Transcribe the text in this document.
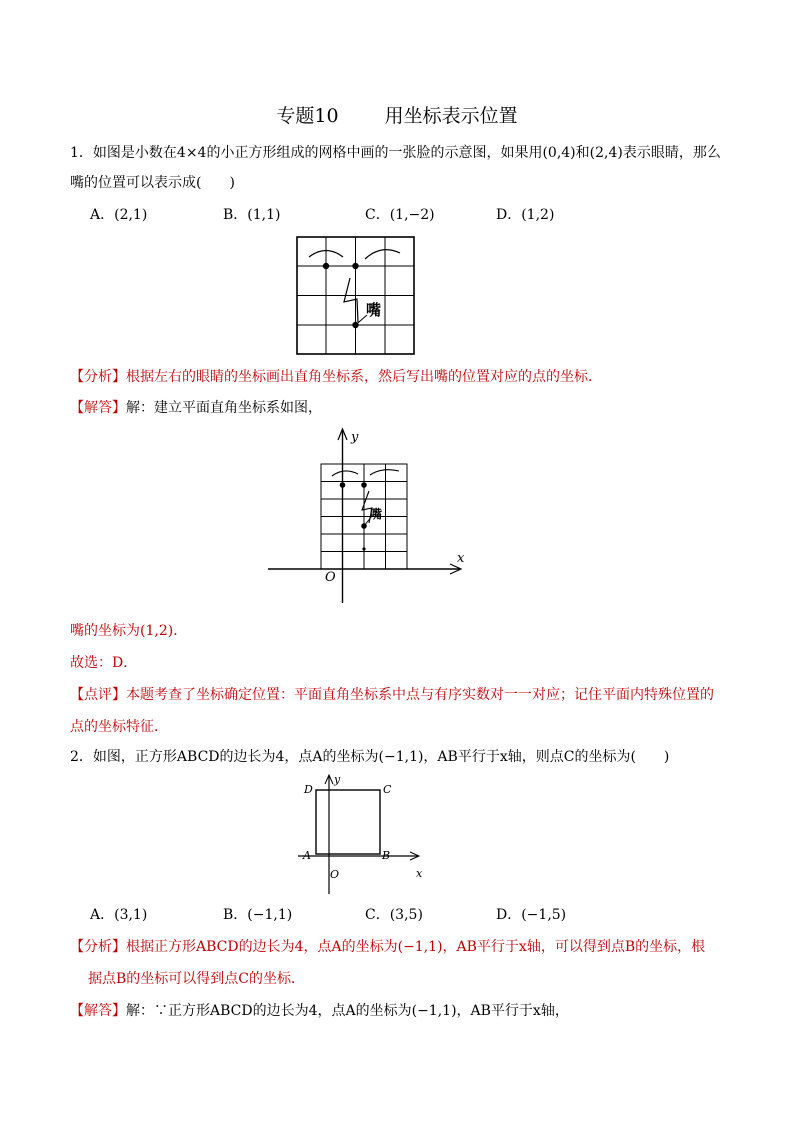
专题10 用坐标表示位置
1．如图是小数在4×4的小正方形组成的网格中画的一张脸的示意图，如果用(0,4)和(2,4)表示眼睛，那么
嘴的位置可以表示成(　　)
A．(2,1)	B．(1,1)	C．(1,−2)	D．(1,2)
嘴
【分析】根据左右的眼睛的坐标画出直角坐标系，然后写出嘴的位置对应的点的坐标．
【解答】解：建立平面直角坐标系如图，
y
x
O
嘴
嘴的坐标为(1,2)．
故选：D．
【点评】本题考查了坐标确定位置：平面直角坐标系中点与有序实数对一一对应；记住平面内特殊位置的
点的坐标特征．
2．如图，正方形ABCD的边长为4，点A的坐标为(−1,1)，AB平行于x轴，则点C的坐标为(　　)
y
x
O
A	B
C
D
A．(3,1)	B．(−1,1)	C．(3,5)	D．(−1,5)
【分析】根据正方形ABCD的边长为4，点A的坐标为(−1,1)，AB平行于x轴，可以得到点B的坐标，根
据点B的坐标可以得到点C的坐标．
【解答】解：∵正方形ABCD的边长为4，点A的坐标为(−1,1)，AB平行于x轴，
